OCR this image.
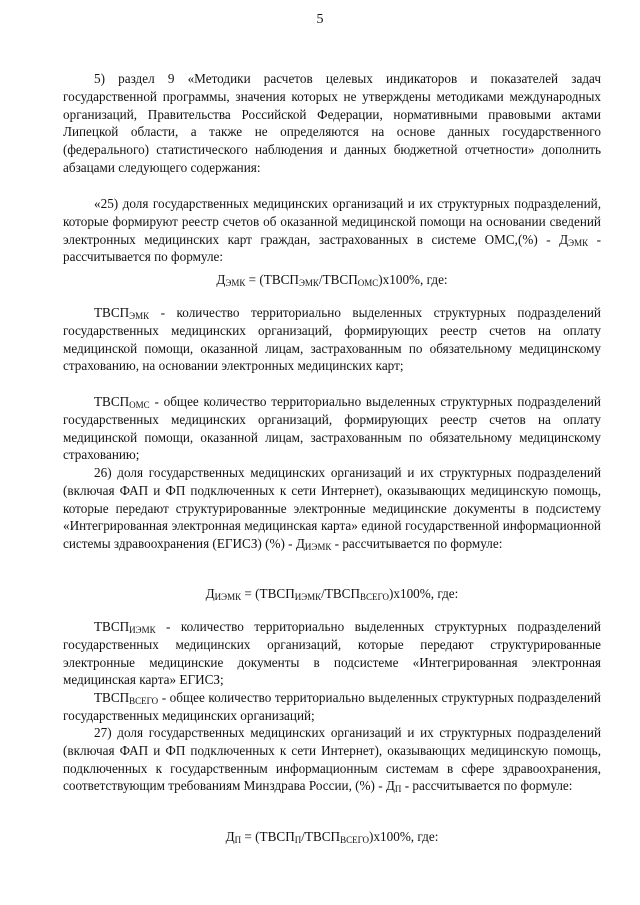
5

5) раздел 9 «Методики расчетов целевых индикаторов и показателей задач государственной программы, значения которых не утверждены методиками международных организаций, Правительства Российской Федерации, нормативными правовыми актами Липецкой области, а также не определяются на основе данных государственного (федерального) статистического наблюдения и данных бюджетной отчетности» дополнить абзацами следующего содержания:

«25) доля государственных медицинских организаций и их структурных подразделений, которые формируют реестр счетов об оказанной медицинской помощи на основании сведений электронных медицинских карт граждан, застрахованных в системе $ОМС,(\%) - Д_{ЭМК}$ - рассчитывается по формуле:

$Д_{ЭМК}$ = $(ТВСП_{ЭМК}/ТВСП_{ОМС})х100\%$, где:

$ТВСП_{ЭМК}$ - количество территориально выделенных структурных подразделений государственных медицинских организаций, формирующих реестр счетов на оплату медицинской помощи, оказанной лицам, застрахованным по обязательному медицинскому страхованию, на основании электронных медицинских карт;

$ТВСП_{ОМС}$ - общее количество территориально выделенных структурных подразделений государственных медицинских организаций, формирующих реестр счетов на оплату медицинской помощи, оказанной лицам, застрахованным по обязательному медицинскому страхованию;

26) доля государственных медицинских организаций и их структурных подразделений (включая ФАП и ФП подключенных к сети Интернет), оказывающих медицинскую помощь, которые передают структурированные электронные медицинские документы в подсистему «Интегрированная электронная медицинская карта» единой государственной информационной системы здравоохранения (ЕГИСЗ) (%) - $Д_{ИЭМК}$ - рассчитывается по формуле:

$Д_{ИЭМК}$ = $(ТВСП_{ИЭМК}/ТВСП_{ВСЕГО})х100\%$, где:

$ТВСП_{ИЭМК}$ - количество территориально выделенных структурных подразделений государственных медицинских организаций, которые передают структурированные электронные медицинские документы в подсистеме «Интегрированная электронная медицинская карта» ЕГИСЗ;

$ТВСП_{ВСЕГО}$ - общее количество территориально выделенных структурных подразделений государственных медицинских организаций;

27) доля государственных медицинских организаций и их структурных подразделений (включая ФАП и ФП подключенных к сети Интернет), оказывающих медицинскую помощь, подключенных к государственным информационным системам в сфере здравоохранения, соответствующим требованиям Минздрава России, (%) - $Д_П$ - рассчитывается по формуле:

$Д_П$ = $(ТВСП_П/ТВСП_{ВСЕГО})х100\%$, где:
